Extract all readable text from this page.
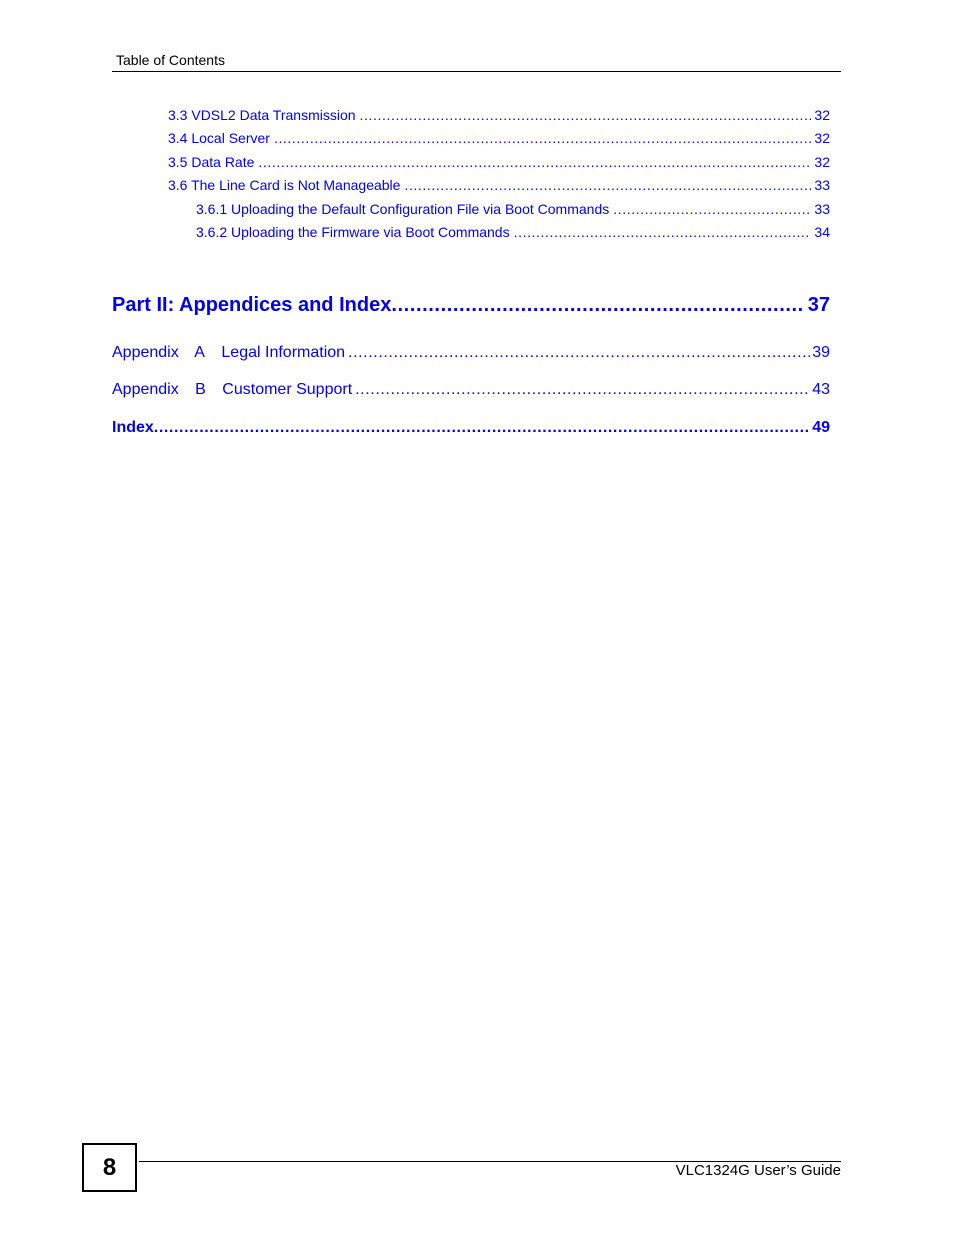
Table of Contents
3.3 VDSL2 Data Transmission .....	32
3.4 Local Server .....	32
3.5 Data Rate .....	32
3.6 The Line Card is Not Manageable .....	33
3.6.1 Uploading the Default Configuration File via Boot Commands .....	33
3.6.2 Uploading the Firmware via Boot Commands .....	34
Part II: Appendices and Index .....	37
Appendix A Legal Information .....	39
Appendix B Customer Support .....	43
Index .....	49
8	VLC1324G User’s Guide
